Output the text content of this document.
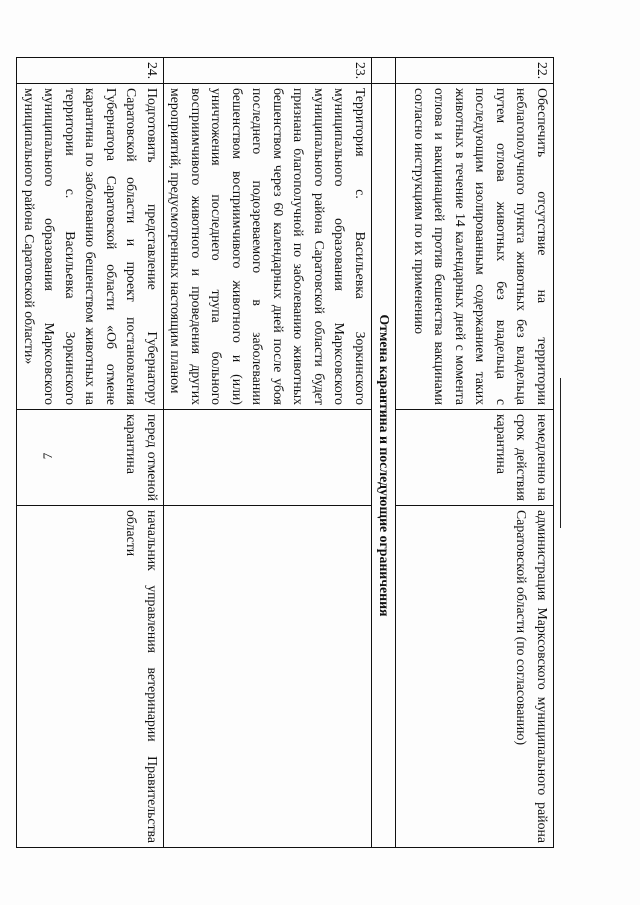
7
22.	Обеспечить отсутствие на территории неблагополучного пункта животных без владельца путем отлова животных без владельца с последующим изолированным содержанием таких животных в течение 14 календарных дней с момента отлова и вакцинацией против бешенства вакцинами согласно инструкциям по их применению	немедленно на срок действия карантина	администрация Марксовского муниципального района Саратовской области (по согласованию)
	Отмена карантина и последующие ограничения		
23.	Территория с. Васильевка Зоркинского муниципального образования Марксовского муниципального района Саратовской области будет признана благополучной по заболеванию животных бешенством через 60 календарных дней после убоя последнего подозреваемого в заболевании бешенством восприимчивого животного и (или) уничтожения последнего трупа больного восприимчивого животного и проведения других мероприятий, предусмотренных настоящим планом		
24.	Подготовить представление Губернатору Саратовской области и проект постановления Губернатора Саратовской области «Об отмене карантина по заболеванию бешенством животных на территории с. Васильевка Зоркинского муниципального образования Марксовского муниципального района Саратовской области»	перед отменой карантина	начальник управления ветеринарии Правительства области
